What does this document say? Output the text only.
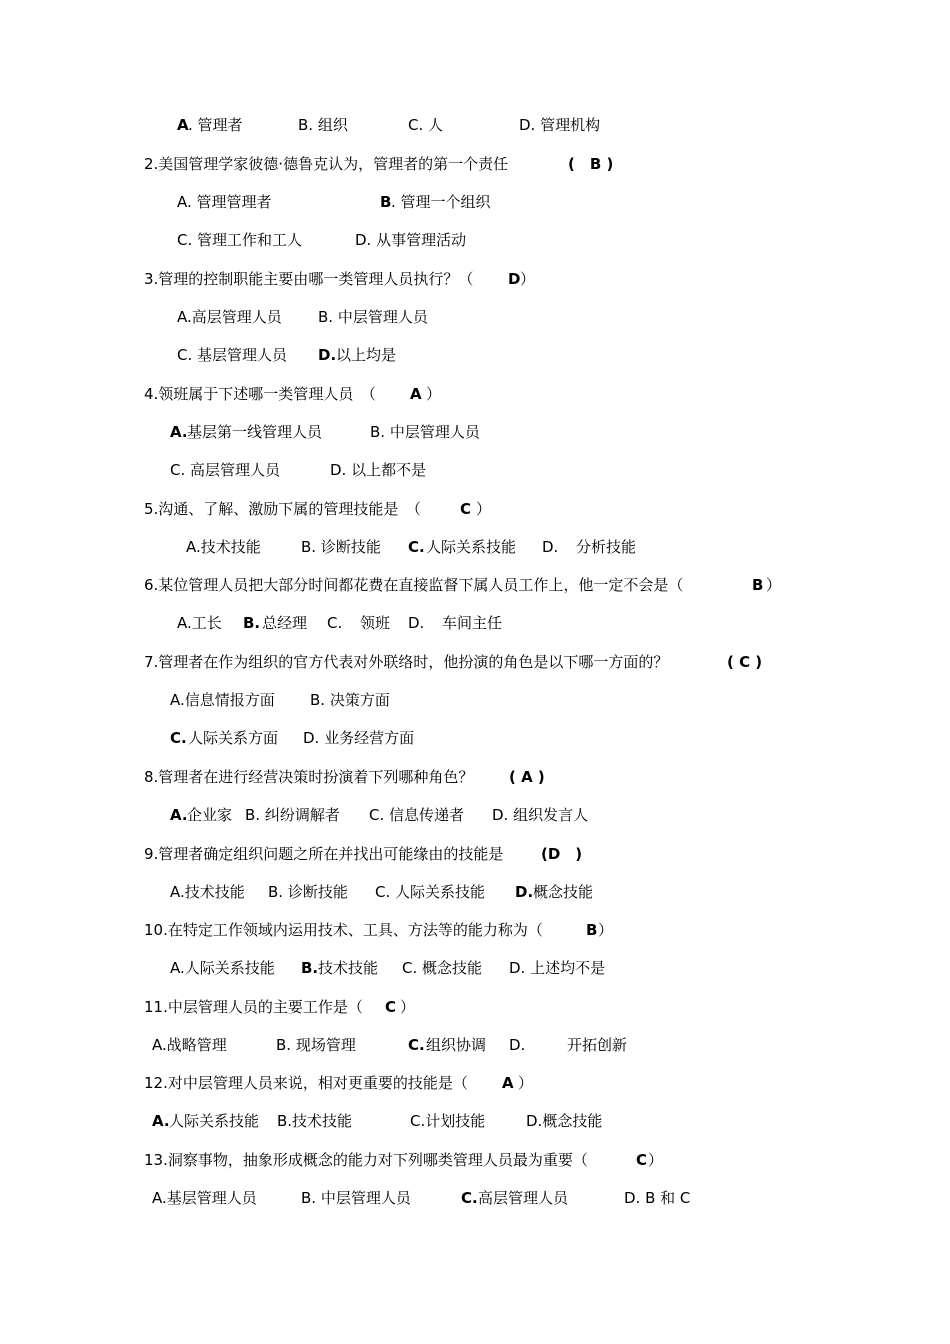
A . 管理者	B. 组织	C. 人	D. 管理机构
2.美国管理学家彼德·德鲁克认为，管理者的第一个责任	(　B )
A. 管理管理者	B . 管理一个组织
C. 管理工作和工人	D. 从事管理活动
3.管理的控制职能主要由哪一类管理人员执行？（ D ）
A.高层管理人员 B. 中层管理人员
C. 基层管理人员 D. 以上均是
4.领班属于下述哪一类管理人员　（ A ）
A. 基层第一线管理人员	B. 中层管理人员
C. 高层管理人员	D. 以上都不是
5.沟通、了解、激励下属的管理技能是　（	C ）
A.技术技能	B. 诊断技能 C. 人际关系技能 D. 分析技能
6.某位管理人员把大部分时间都花费在直接监督下属人员工作上，他一定不会是（	B ）
A.工长 B. 总经理 C. 领班 D. 车间主任
7.管理者在作为组织的官方代表对外联络时，他扮演的角色是以下哪一方面的？	( C )
A.信息情报方面 B. 决策方面
C. 人际关系方面 D. 业务经营方面
8.管理者在进行经营决策时扮演着下列哪种角色？ ( A )
A. 企业家 B. 纠纷调解者 C. 信息传递者 D. 组织发言人
9.管理者确定组织问题之所在并找出可能缘由的技能是	(D　)
A.技术技能 B. 诊断技能 C. 人际关系技能 D. 概念技能
10.在特定工作领域内运用技术、工具、方法等的能力称为（	B ）
A.人际关系技能 B. 技术技能 C. 概念技能 D. 上述均不是
11.中层管理人员的主要工作是（ C ）
A.战略管理	B. 现场管理	C. 组织协调 D.	开拓创新
12.对中层管理人员来说，相对更重要的技能是（ A ）
A. 人际关系技能 B.技术技能	C.计划技能	D.概念技能
13.洞察事物，抽象形成概念的能力对下列哪类管理人员最为重要（	C ）
A.基层管理人员	B. 中层管理人员	C. 高层管理人员	D. B 和 C
